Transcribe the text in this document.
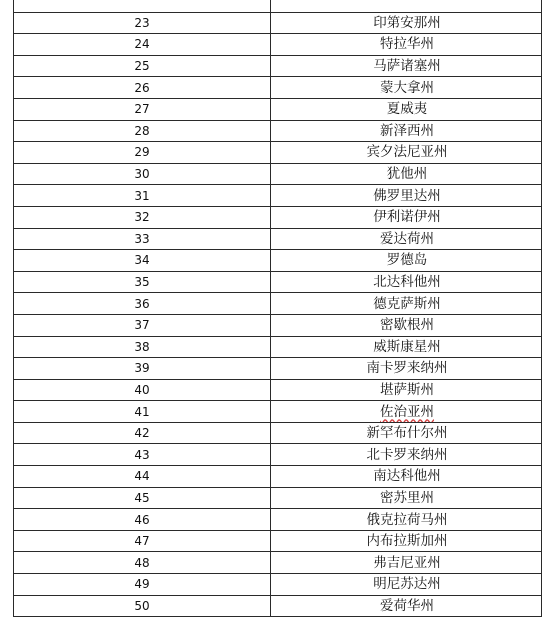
23	印第安那州
24	特拉华州
25	马萨诸塞州
26	蒙大拿州
27	夏威夷
28	新泽西州
29	宾夕法尼亚州
30	犹他州
31	佛罗里达州
32	伊利诺伊州
33	爱达荷州
34	罗德岛
35	北达科他州
36	德克萨斯州
37	密歇根州
38	威斯康星州
39	南卡罗来纳州
40	堪萨斯州
41	佐治亚州
42	新罕布什尔州
43	北卡罗来纳州
44	南达科他州
45	密苏里州
46	俄克拉荷马州
47	内布拉斯加州
48	弗吉尼亚州
49	明尼苏达州
50	爱荷华州
